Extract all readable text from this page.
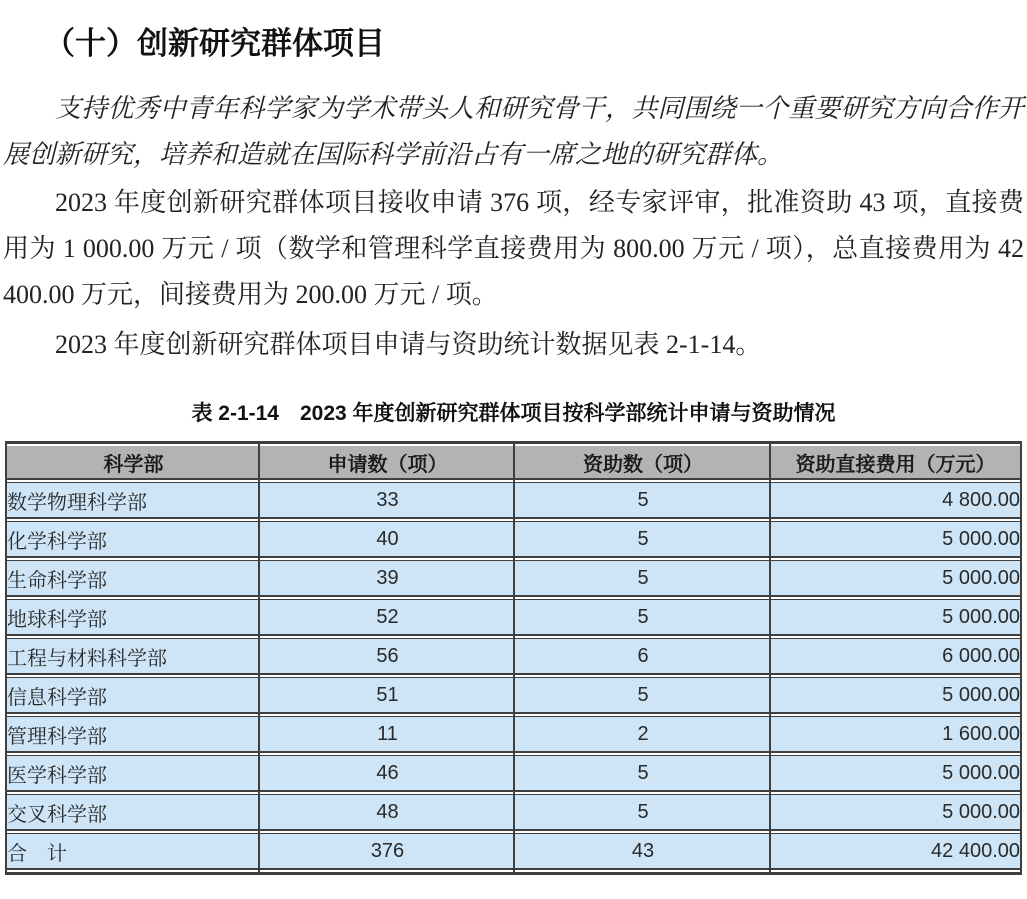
（十）创新研究群体项目

支持优秀中青年科学家为学术带头人和研究骨干，共同围绕一个重要研究方向合作开展创新研究，培养和造就在国际科学前沿占有一席之地的研究群体。

2023 年度创新研究群体项目接收申请 376 项，经专家评审，批准资助 43 项，直接费用为 1 000.00 万元 / 项（数学和管理科学直接费用为 800.00 万元 / 项），总直接费用为 42 400.00 万元，间接费用为 200.00 万元 / 项。

2023 年度创新研究群体项目申请与资助统计数据见表 2-1-14。

表 2-1-14　2023 年度创新研究群体项目按科学部统计申请与资助情况
科学部	申请数（项）	资助数（项）	资助直接费用（万元）
数学物理科学部	33	5	4 800.00
化学科学部	40	5	5 000.00
生命科学部	39	5	5 000.00
地球科学部	52	5	5 000.00
工程与材料科学部	56	6	6 000.00
信息科学部	51	5	5 000.00
管理科学部	11	2	1 600.00
医学科学部	46	5	5 000.00
交叉科学部	48	5	5 000.00
合　计	376	43	42 400.00
